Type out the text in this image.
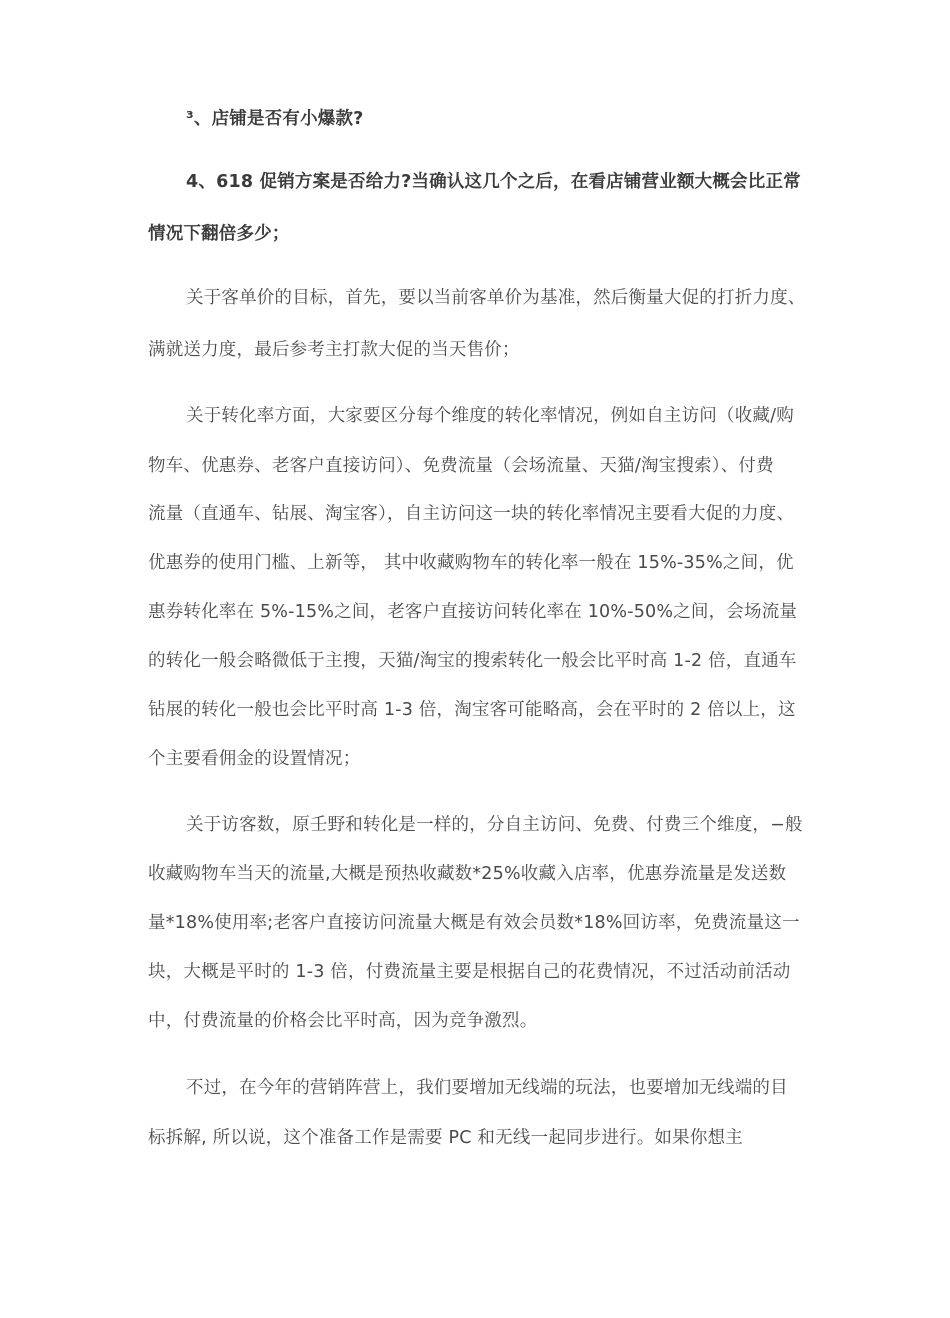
³、店铺是否有小爆款?
4、618 促销方案是否给力?当确认这几个之后，在看店铺营业额大概会比正常
情况下翻倍多少；
关于客单价的目标，首先，要以当前客单价为基准，然后衡量大促的打折力度、
满就送力度，最后参考主打款大促的当天售价；
关于转化率方面，大家要区分每个维度的转化率情况，例如自主访问（收藏/购
物车、优惠券、老客户直接访问）、免费流量（会场流量、天猫/淘宝搜索）、付费
流量（直通车、钻展、淘宝客），自主访问这一块的转化率情况主要看大促的力度、
优惠券的使用门槛、上新等， 其中收藏购物车的转化率一般在 15%-35%之间，优
惠券转化率在 5%-15%之间，老客户直接访问转化率在 10%-50%之间，会场流量
的转化一般会略微低于主搜，天猫/淘宝的搜索转化一般会比平时高 1-2 倍，直通车
钻展的转化一般也会比平时高 1-3 倍，淘宝客可能略高，会在平时的 2 倍以上，这
个主要看佣金的设置情况；
关于访客数，原壬野和转化是一样的，分自主访问、免费、付费三个维度，−般
收藏购物车当天的流量,大概是预热收藏数*25%收藏入店率，优惠券流量是发送数
量*18%使用率;老客户直接访问流量大概是有效会员数*18%回访率，免费流量这一
块，大概是平时的 1-3 倍，付费流量主要是根据自己的花费情况，不过活动前活动
中，付费流量的价格会比平时高，因为竞争激烈。
不过，在今年的营销阵营上，我们要增加无线端的玩法，也要增加无线端的目
标拆解, 所以说，这个准备工作是需要 PC 和无线一起同步进行。如果你想主
